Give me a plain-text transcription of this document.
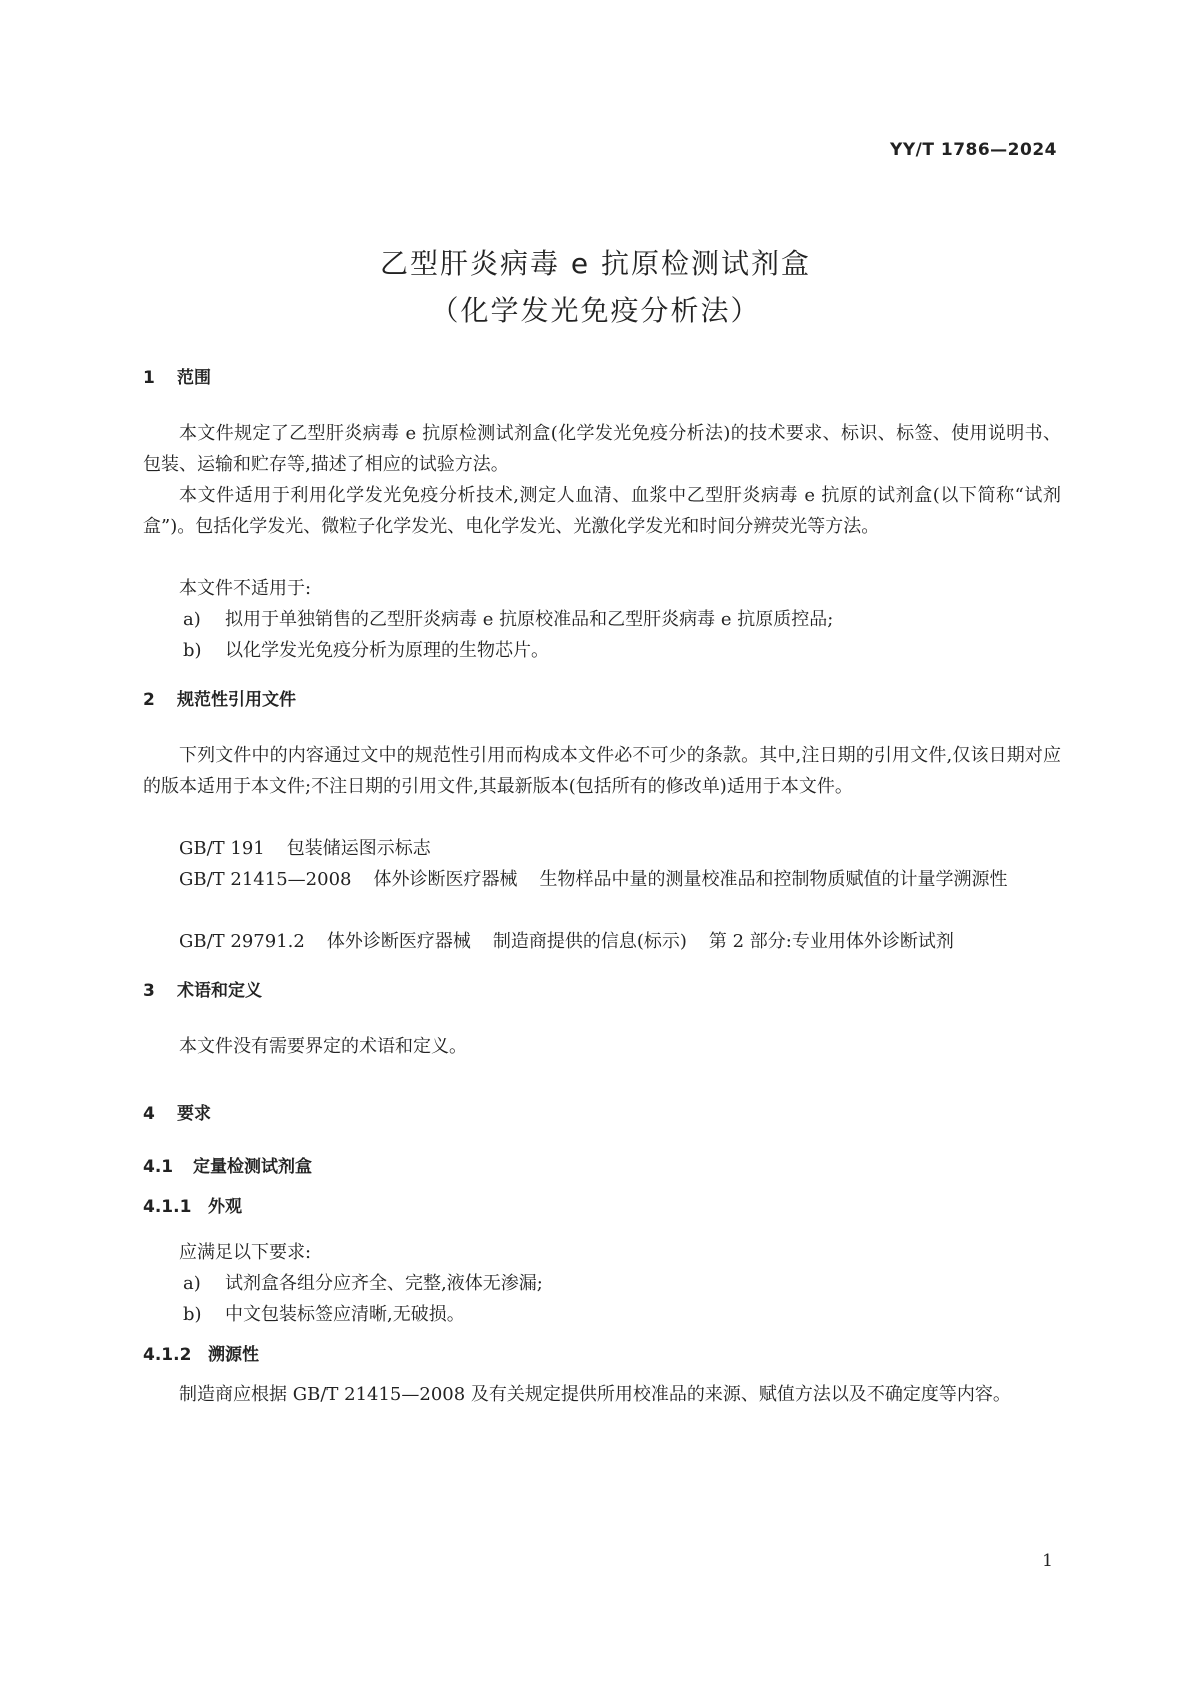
YY/T 1786—2024
乙型肝炎病毒 e 抗原检测试剂盒
（化学发光免疫分析法）
1 范围

本文件规定了乙型肝炎病毒 e 抗原检测试剂盒(化学发光免疫分析法)的技术要求、标识、标签、使用说明书、包装、运输和贮存等,描述了相应的试验方法。

本文件适用于利用化学发光免疫分析技术,测定人血清、血浆中乙型肝炎病毒 e 抗原的试剂盒(以下简称“试剂盒”)。包括化学发光、微粒子化学发光、电化学发光、光激化学发光和时间分辨荧光等方法。

本文件不适用于:

a) 拟用于单独销售的乙型肝炎病毒 e 抗原校准品和乙型肝炎病毒 e 抗原质控品;

b) 以化学发光免疫分析为原理的生物芯片。

2 规范性引用文件

下列文件中的内容通过文中的规范性引用而构成本文件必不可少的条款。其中,注日期的引用文件,仅该日期对应的版本适用于本文件;不注日期的引用文件,其最新版本(包括所有的修改单)适用于本文件。

GB/T 191 包装储运图示标志

GB/T 21415—2008 体外诊断医疗器械 生物样品中量的测量校准品和控制物质赋值的计量学溯源性

GB/T 29791.2 体外诊断医疗器械 制造商提供的信息(标示) 第 2 部分:专业用体外诊断试剂

3 术语和定义

本文件没有需要界定的术语和定义。

4 要求
4.1 定量检测试剂盒
4.1.1 外观

应满足以下要求:

a) 试剂盒各组分应齐全、完整,液体无渗漏;

b) 中文包装标签应清晰,无破损。

4.1.2 溯源性

制造商应根据 GB/T 21415—2008 及有关规定提供所用校准品的来源、赋值方法以及不确定度等内容。

1
